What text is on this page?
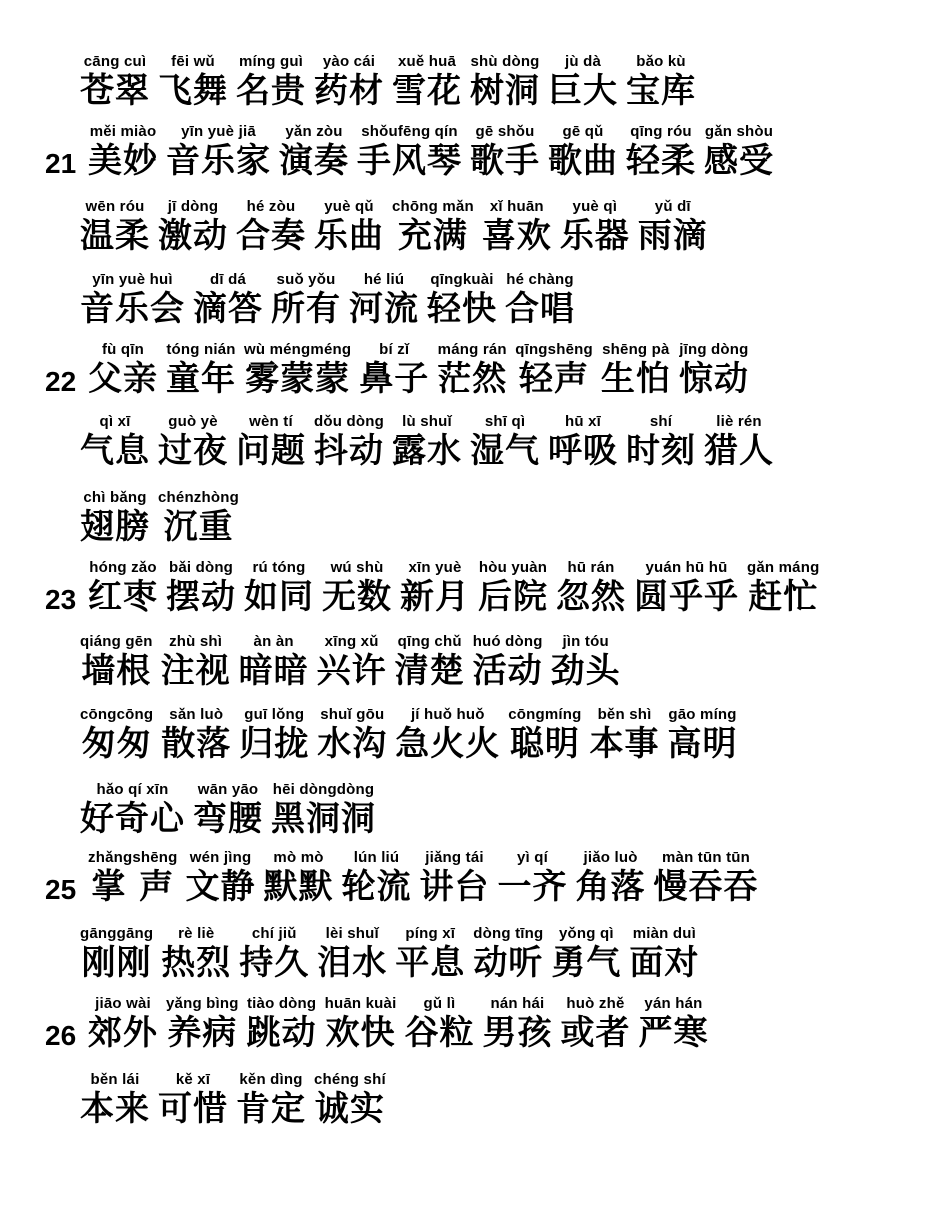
cāng cuì
苍翠
fēi wǔ
飞舞
míng guì
名贵
yào cái
药材
xuě huā
雪花
shù dòng
树洞
jù dà
巨大
bǎo kù
宝库
21
měi miào
美妙
yīn yuè jiā
音乐家
yǎn zòu
演奏
shǒufēng qín
手风琴
gē shǒu
歌手
gē qǔ
歌曲
qīng róu
轻柔
gǎn shòu
感受
wēn róu
温柔
jī dòng
激动
hé zòu
合奏
yuè qǔ
乐曲
chōng mǎn
充满
xǐ huān
喜欢
yuè qì
乐器
yǔ dī
雨滴
yīn yuè huì
音乐会
dī dá
滴答
suǒ yǒu
所有
hé liú
河流
qīngkuài
轻快
hé chàng
合唱
22
fù qīn
父亲
tóng nián
童年
wù méngméng
雾蒙蒙
bí zǐ
鼻子
máng rán
茫然
qīngshēng
轻声
shēng pà
生怕
jīng dòng
惊动
qì xī
气息
guò yè
过夜
wèn tí
问题
dǒu dòng
抖动
lù shuǐ
露水
shī qì
湿气
hū xī
呼吸
shí
时刻
liè rén
猎人
chì bǎng
翅膀
chénzhòng
沉重
23
hóng zǎo
红枣
bǎi dòng
摆动
rú tóng
如同
wú shù
无数
xīn yuè
新月
hòu yuàn
后院
hū rán
忽然
yuán hū hū
圆乎乎
gǎn máng
赶忙
qiáng gēn
墙根
zhù shì
注视
àn àn
暗暗
xīng xǔ
兴许
qīng chǔ
清楚
huó dòng
活动
jìn tóu
劲头
cōngcōng
匆匆
sǎn luò
散落
guī lǒng
归拢
shuǐ gōu
水沟
jí huǒ huǒ
急火火
cōngmíng
聪明
běn shì
本事
gāo míng
高明
hǎo qí xīn
好奇心
wān yāo
弯腰
hēi dòngdòng
黑洞洞
25
zhǎngshēng
掌 声
wén jìng
文静
mò mò
默默
lún liú
轮流
jiǎng tái
讲台
yì qí
一齐
jiǎo luò
角落
màn tūn tūn
慢吞吞
gānggāng
刚刚
rè liè
热烈
chí jiǔ
持久
lèi shuǐ
泪水
píng xī
平息
dòng tīng
动听
yǒng qì
勇气
miàn duì
面对
26
jiāo wài
郊外
yǎng bìng
养病
tiào dòng
跳动
huān kuài
欢快
gǔ lì
谷粒
nán hái
男孩
huò zhě
或者
yán hán
严寒
běn lái
本来
kě xī
可惜
kěn dìng
肯定
chéng shí
诚实
